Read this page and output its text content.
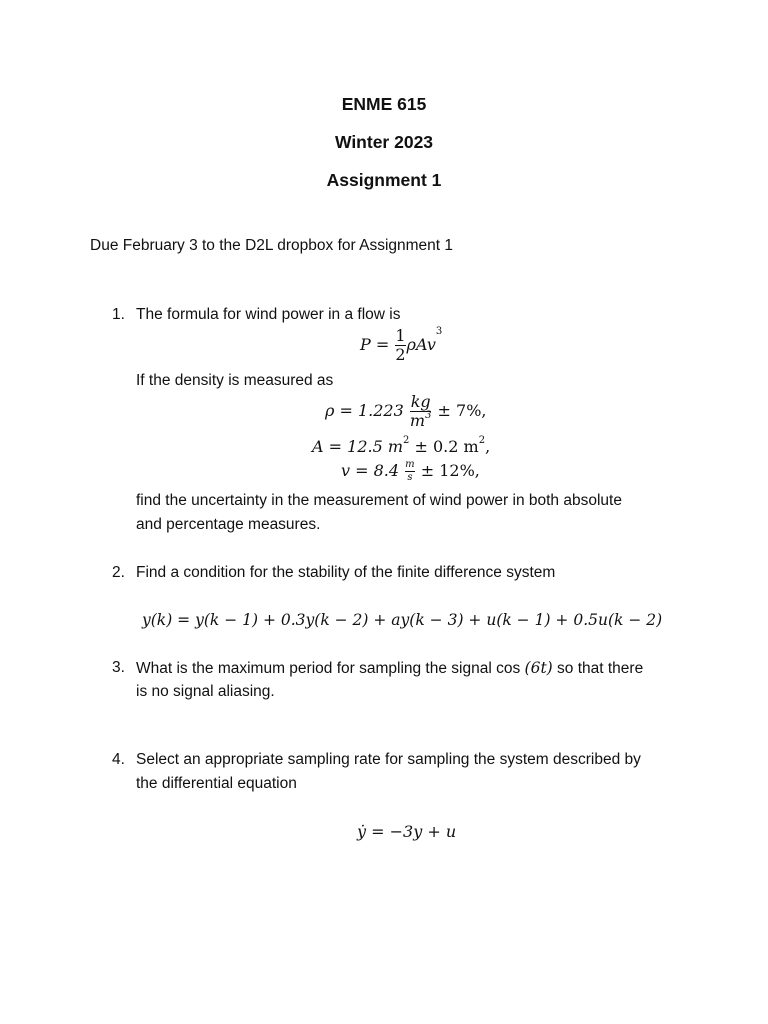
ENME 615
Winter 2023
Assignment 1
Due February 3 to the D2L dropbox for Assignment 1
1. The formula for wind power in a flow is
$P = \frac{1}{2} \rho Av^3$
If the density is measured as
$\rho = 1.223 \frac{kg}{m^3} \pm 7\%$,
A = 12.5 $m^2 \pm 0.2$ $m^2$,
$v = 8.4 \frac{m}{s} \pm 12\%$,
find the uncertainty in the measurement of wind power in both absolute
and percentage measures.
2. Find a condition for the stability of the finite difference system
y(k) = y(k − 1) + 0.3y(k − 2) + ay(k − 3) + u(k − 1) + 0.5u(k − 2)
3. What is the maximum period for sampling the signal cos (6t) so that there
is no signal aliasing.
4. Select an appropriate sampling rate for sampling the system described by
the differential equation
ẏ = −3y + u
